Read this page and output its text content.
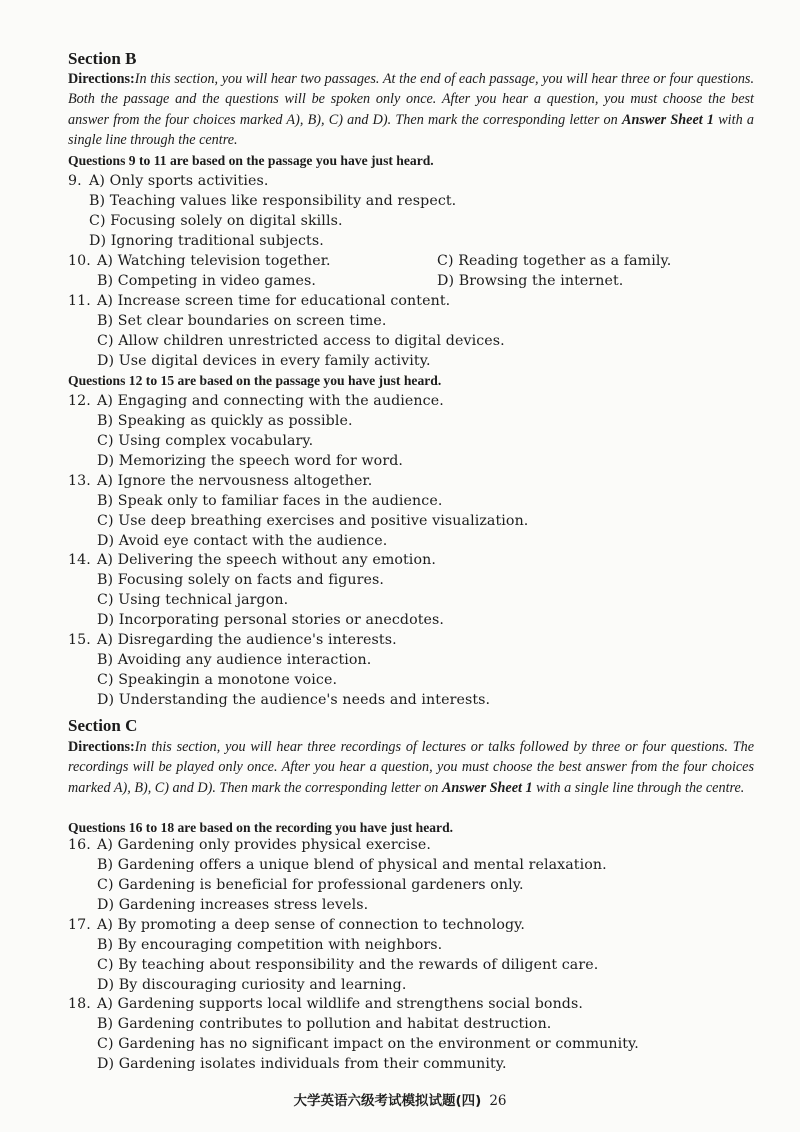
Section B
Directions:In this section, you will hear two passages. At the end of each passage, you will hear three or four questions. Both the passage and the questions will be spoken only once. After you hear a question, you must choose the best answer from the four choices marked A), B), C) and D). Then mark the corresponding letter on Answer Sheet 1 with a single line through the centre.
Questions 9 to 11 are based on the passage you have just heard.
9. A) Only sports activities.
B) Teaching values like responsibility and respect.
C) Focusing solely on digital skills.
D) Ignoring traditional subjects.
10. A) Watching television together.
B) Competing in video games.
C) Reading together as a family.
D) Browsing the internet.
11. A) Increase screen time for educational content.
B) Set clear boundaries on screen time.
C) Allow children unrestricted access to digital devices.
D) Use digital devices in every family activity.
Questions 12 to 15 are based on the passage you have just heard.
12. A) Engaging and connecting with the audience.
B) Speaking as quickly as possible.
C) Using complex vocabulary.
D) Memorizing the speech word for word.
13. A) Ignore the nervousness altogether.
B) Speak only to familiar faces in the audience.
C) Use deep breathing exercises and positive visualization.
D) Avoid eye contact with the audience.
14. A) Delivering the speech without any emotion.
B) Focusing solely on facts and figures.
C) Using technical jargon.
D) Incorporating personal stories or anecdotes.
15. A) Disregarding the audience's interests.
B) Avoiding any audience interaction.
C) Speakingin a monotone voice.
D) Understanding the audience's needs and interests.
Section C
Directions:In this section, you will hear three recordings of lectures or talks followed by three or four questions. The recordings will be played only once. After you hear a question, you must choose the best answer from the four choices marked A), B), C) and D). Then mark the corresponding letter on Answer Sheet 1 with a single line through the centre.
Questions 16 to 18 are based on the recording you have just heard.
16. A) Gardening only provides physical exercise.
B) Gardening offers a unique blend of physical and mental relaxation.
C) Gardening is beneficial for professional gardeners only.
D) Gardening increases stress levels.
17. A) By promoting a deep sense of connection to technology.
B) By encouraging competition with neighbors.
C) By teaching about responsibility and the rewards of diligent care.
D) By discouraging curiosity and learning.
18. A) Gardening supports local wildlife and strengthens social bonds.
B) Gardening contributes to pollution and habitat destruction.
C) Gardening has no significant impact on the environment or community.
D) Gardening isolates individuals from their community.
大学英语六级考试模拟试题(四) 26
